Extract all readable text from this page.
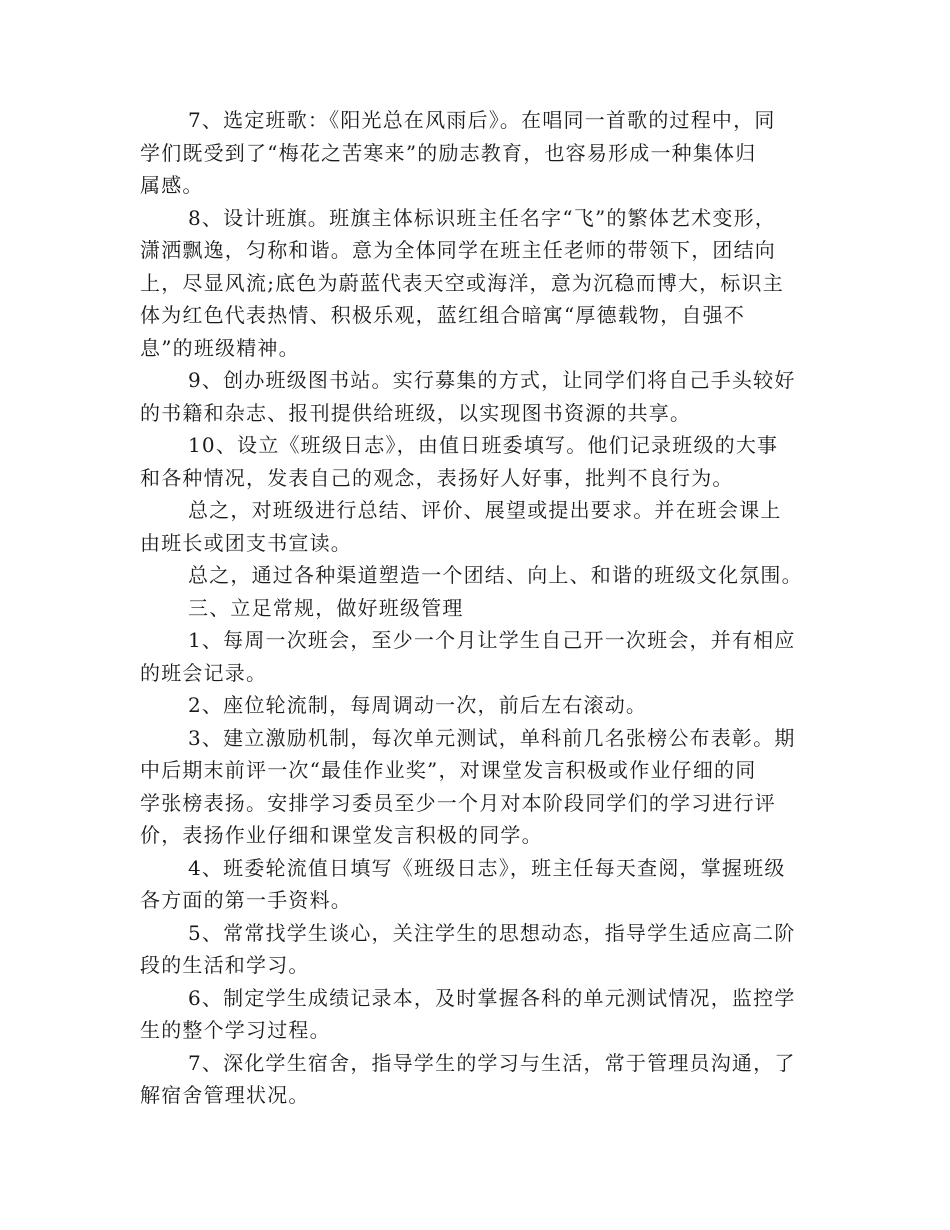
7、选定班歌：《阳光总在风雨后》。在唱同一首歌的过程中，同
学们既受到了“梅花之苦寒来”的励志教育，也容易形成一种集体归
属感。
8、设计班旗。班旗主体标识班主任名字“飞”的繁体艺术变形，
潇洒飘逸，匀称和谐。意为全体同学在班主任老师的带领下，团结向
上，尽显风流;底色为蔚蓝代表天空或海洋，意为沉稳而博大，标识主
体为红色代表热情、积极乐观，蓝红组合暗寓“厚德载物，自强不
息”的班级精神。
9、创办班级图书站。实行募集的方式，让同学们将自己手头较好
的书籍和杂志、报刊提供给班级，以实现图书资源的共享。
10、设立《班级日志》，由值日班委填写。他们记录班级的大事
和各种情况，发表自己的观念，表扬好人好事，批判不良行为。
总之，对班级进行总结、评价、展望或提出要求。并在班会课上
由班长或团支书宣读。
总之，通过各种渠道塑造一个团结、向上、和谐的班级文化氛围。
三、立足常规，做好班级管理
1、每周一次班会，至少一个月让学生自己开一次班会，并有相应
的班会记录。
2、座位轮流制，每周调动一次，前后左右滚动。
3、建立激励机制，每次单元测试，单科前几名张榜公布表彰。期
中后期末前评一次“最佳作业奖”，对课堂发言积极或作业仔细的同
学张榜表扬。安排学习委员至少一个月对本阶段同学们的学习进行评
价，表扬作业仔细和课堂发言积极的同学。
4、班委轮流值日填写《班级日志》，班主任每天查阅，掌握班级
各方面的第一手资料。
5、常常找学生谈心，关注学生的思想动态，指导学生适应高二阶
段的生活和学习。
6、制定学生成绩记录本，及时掌握各科的单元测试情况，监控学
生的整个学习过程。
7、深化学生宿舍，指导学生的学习与生活，常于管理员沟通，了
解宿舍管理状况。
